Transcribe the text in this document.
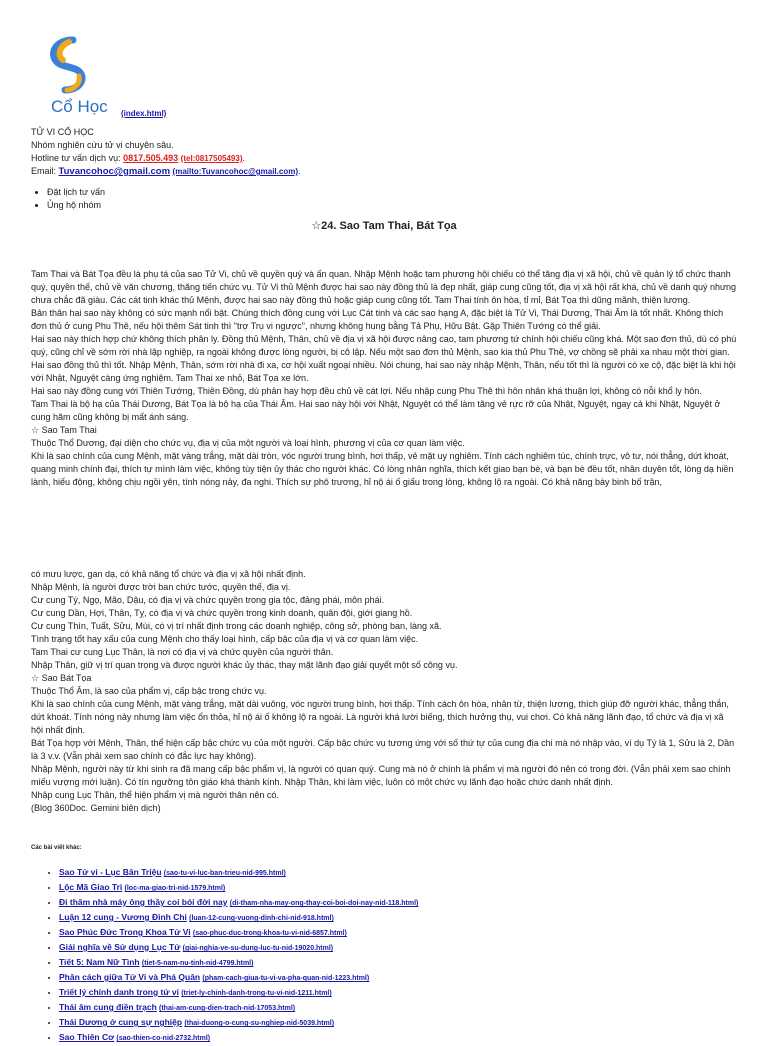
Cổ Học (index.html)

TỬ VI CỔ HỌC

Nhóm nghiên cứu tử vi chuyên sâu.

Hotline tư vấn dịch vụ: 0817.505.493 (tel:0817505493).

Email: Tuvancohoc@gmail.com (mailto:Tuvancohoc@gmail.com).

• Đặt lịch tư vấn
• Ủng hộ nhóm
☆24. Sao Tam Thai, Bát Tọa

Tam Thai và Bát Tọa đều là phụ tá của sao Tử Vi, chủ về quyền quý và ấn quan. Nhập Mệnh hoặc tam phương hội chiếu có thể tăng địa vị xã hội, chủ về quản lý tổ chức thanh quý, quyền thế, chủ về văn chương, thăng tiến chức vụ. Tử Vi thủ Mệnh được hai sao này đồng thủ là đẹp nhất, giáp cung cũng tốt, địa vị xã hội rất khá, chủ về danh quý nhưng chưa chắc đã giàu. Các cát tinh khác thủ Mệnh, được hai sao này đồng thủ hoặc giáp cung cũng tốt. Tam Thai tính ôn hòa, tỉ mỉ, Bát Tọa thì dũng mãnh, thiện lương.

Bản thân hai sao này không có sức mạnh nổi bật. Chúng thích đồng cung với Lục Cát tinh và các sao hạng A, đặc biệt là Tử Vi, Thái Dương, Thái Âm là tốt nhất. Không thích đơn thủ ở cung Phu Thê, nếu hội thêm Sát tinh thì "trợ Trụ vi ngược", nhưng không hung bằng Tả Phụ, Hữu Bật. Gặp Thiên Tướng có thể giải.

Hai sao này thích hợp chứ không thích phân ly. Đồng thủ Mệnh, Thân, chủ về địa vị xã hội được nâng cao, tam phương tứ chính hội chiếu cũng khá. Một sao đơn thủ, dù có phú quý, cũng chỉ về sớm rời nhà lập nghiệp, ra ngoài không được lòng người, bị cô lập. Nếu một sao đơn thủ Mệnh, sao kia thủ Phu Thê, vợ chồng sẽ phải xa nhau một thời gian. Hai sao đồng thủ thì tốt. Nhập Mệnh, Thân, sớm rời nhà đi xa, cơ hội xuất ngoại nhiều. Nói chung, hai sao này nhập Mệnh, Thân, nếu tốt thì là người có xe cộ, đặc biệt là khi hội với Nhật, Nguyệt càng ứng nghiệm. Tam Thai xe nhỏ, Bát Tọa xe lớn.

Hai sao này đồng cung với Thiên Tướng, Thiên Đồng, dù phản hay hợp đều chủ về cát lợi. Nếu nhập cung Phu Thê thì hôn nhân khá thuận lợi, không có nỗi khổ ly hôn.

Tam Thai là bộ hạ của Thái Dương, Bát Tọa là bộ hạ của Thái Âm. Hai sao này hội với Nhật, Nguyệt có thể làm tăng vẻ rực rỡ của Nhật, Nguyệt, ngay cả khi Nhật, Nguyệt ở cung hãm cũng không bị mất ánh sáng.

☆ Sao Tam Thai

Thuộc Thổ Dương, đại diện cho chức vụ, địa vị của một người và loại hình, phương vị của cơ quan làm việc.

Khi là sao chính của cung Mệnh, mặt vàng trắng, mặt dài tròn, vóc người trung bình, hơi thấp, vẻ mặt uy nghiêm. Tính cách nghiêm túc, chính trực, vô tư, nói thẳng, dứt khoát, quang minh chính đại, thích tự mình làm việc, không tùy tiện ủy thác cho người khác. Có lòng nhân nghĩa, thích kết giao bạn bè, và bạn bè đều tốt, nhân duyên tốt, lòng dạ hiền lành, hiếu động, không chịu ngồi yên, tính nóng nảy, đa nghi. Thích sự phô trương, hỉ nộ ái ố giấu trong lòng, không lộ ra ngoài. Có khả năng bày binh bố trận,

có mưu lược, gan dạ, có khả năng tổ chức và địa vị xã hội nhất định.

Nhập Mệnh, là người được trời ban chức tước, quyền thế, địa vị.

Cư cung Tý, Ngọ, Mão, Dậu, có địa vị và chức quyền trong gia tộc, đảng phái, môn phái.

Cư cung Dần, Hợi, Thân, Tỵ, có địa vị và chức quyền trong kinh doanh, quân đội, giới giang hồ.

Cư cung Thìn, Tuất, Sửu, Mùi, có vị trí nhất định trong các doanh nghiệp, công sở, phòng ban, làng xã.

Tình trạng tốt hay xấu của cung Mệnh cho thấy loại hình, cấp bậc của địa vị và cơ quan làm việc.

Tam Thai cư cung Lục Thân, là nơi có địa vị và chức quyền của người thân.

Nhập Thân, giữ vị trí quan trọng và được người khác ủy thác, thay mặt lãnh đạo giải quyết một số công vụ.

☆ Sao Bát Tọa

Thuộc Thổ Âm, là sao của phẩm vị, cấp bậc trong chức vụ.

Khi là sao chính của cung Mệnh, mặt vàng trắng, mặt dài vuông, vóc người trung bình, hơi thấp. Tính cách ôn hòa, nhân từ, thiện lương, thích giúp đỡ người khác, thẳng thắn, dứt khoát. Tính nóng nảy nhưng làm việc ổn thỏa, hỉ nộ ái ố không lộ ra ngoài. Là người khá lười biếng, thích hưởng thụ, vui chơi. Có khả năng lãnh đạo, tổ chức và địa vị xã hội nhất định.

Bát Tọa hợp với Mệnh, Thân, thể hiện cấp bậc chức vụ của một người. Cấp bậc chức vụ tương ứng với số thứ tự của cung địa chi mà nó nhập vào, ví dụ Tý là 1, Sửu là 2, Dần là 3 v.v. (Vẫn phải xem sao chính có đắc lực hay không).

Nhập Mệnh, người này từ khi sinh ra đã mang cấp bậc phẩm vị, là người có quan quý. Cung mà nó ở chính là phẩm vị mà người đó nên có trong đời. (Vẫn phải xem sao chính miếu vượng mới luận). Có tín ngưỡng tôn giáo khá thành kính. Nhập Thân, khi làm việc, luôn có một chức vụ lãnh đạo hoặc chức danh nhất định.

Nhập cung Lục Thân, thể hiện phẩm vị mà người thân nên có.

(Blog 360Doc. Gemini biên dịch)

Các bài viết khác:
• Sao Tử vi - Lục Bân Triệu (sao-tu-vi-luc-ban-trieu-nid-995.html)
• Lộc Mã Giao Trì (loc-ma-giao-tri-nid-1579.html)
• Đi thăm nhà máy ông thầy coi bói đời nay (di-tham-nha-may-ong-thay-coi-boi-doi-nay-nid-118.html)
• Luận 12 cung - Vương Đình Chi (luan-12-cung-vuong-dinh-chi-nid-918.html)
• Sao Phúc Đức Trong Khoa Tử Vi (sao-phuc-duc-trong-khoa-tu-vi-nid-6857.html)
• Giải nghĩa về Sử dụng Lục Tứ (giai-nghia-ve-su-dung-luc-tu-nid-19020.html)
• Tiết 5: Nam Nữ Tình (tiet-5-nam-nu-tinh-nid-4799.html)
• Phân cách giữa Tử Vi và Phá Quân (pham-cach-giua-tu-vi-va-pha-quan-nid-1223.html)
• Triết lý chính danh trong tử vi (triet-ly-chinh-danh-trong-tu-vi-nid-1211.html)
• Thái âm cung điền trạch (thai-am-cung-dien-trach-nid-17053.html)
• Thái Dương ở cung sự nghiệp (thai-duong-o-cung-su-nghiep-nid-5039.html)
• Sao Thiên Cơ (sao-thien-co-nid-2732.html)
